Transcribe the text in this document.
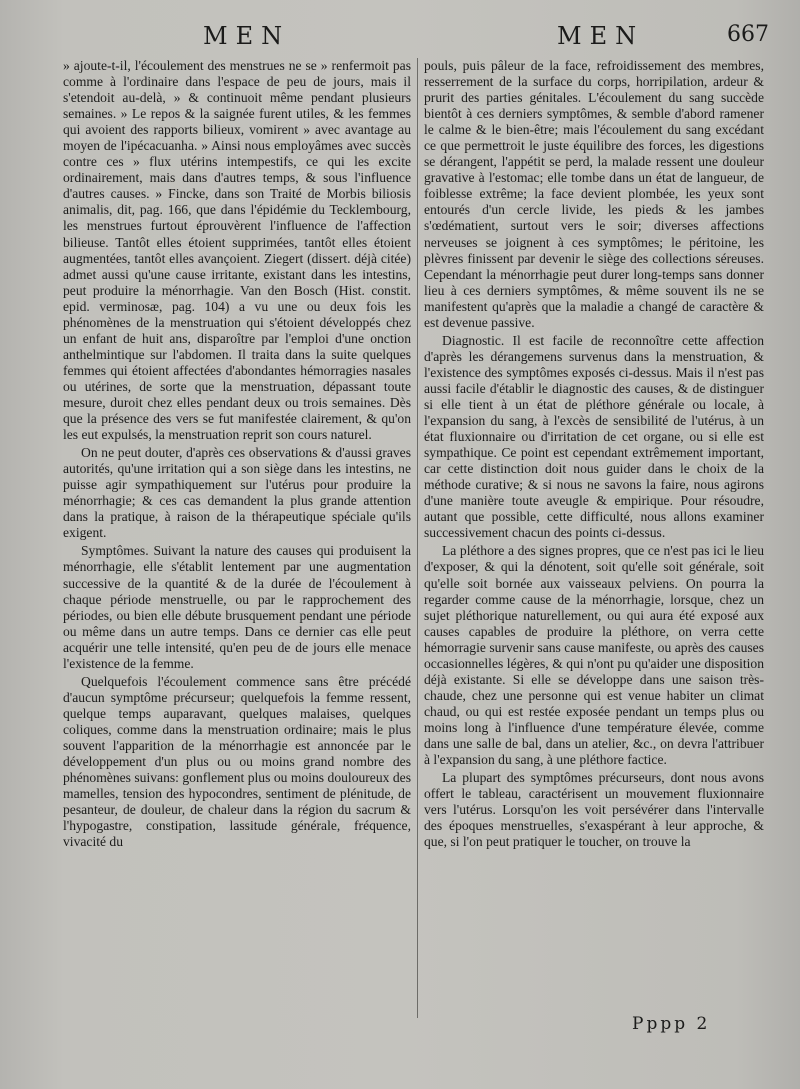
MEN	MEN	667

» ajoute-t-il, l'écoulement des menstrues ne se » renfermoit pas comme à l'ordinaire dans l'espace de peu de jours, mais il s'etendoit au-delà, » & continuoit même pendant plusieurs semaines. » Le repos & la saignée furent utiles, & les femmes qui avoient des rapports bilieux, vomirent » avec avantage au moyen de l'ipécacuanha. » Ainsi nous employâmes avec succès contre ces » flux utérins intempestifs, ce qui les excite ordinairement, mais dans d'autres temps, & sous l'influence d'autres causes. » Fincke, dans son Traité de Morbis biliosis animalis, dit, pag. 166, que dans l'épidémie du Tecklembourg, les menstrues furtout éprouvèrent l'influence de l'affection bilieuse. Tantôt elles étoient supprimées, tantôt elles étoient augmentées, tantôt elles avançoient. Ziegert (dissert. déjà citée) admet aussi qu'une cause irritante, existant dans les intestins, peut produire la ménorrhagie. Van den Bosch (Hist. constit. epid. verminosæ, pag. 104) a vu une ou deux fois les phénomènes de la menstruation qui s'étoient développés chez un enfant de huit ans, disparoître par l'emploi d'une onction anthelmintique sur l'abdomen. Il traita dans la suite quelques femmes qui étoient affectées d'abondantes hémorragies nasales ou utérines, de sorte que la menstruation, dépassant toute mesure, duroit chez elles pendant deux ou trois semaines. Dès que la présence des vers se fut manifestée clairement, & qu'on les eut expulsés, la menstruation reprit son cours naturel.

On ne peut douter, d'après ces observations & d'aussi graves autorités, qu'une irritation qui a son siège dans les intestins, ne puisse agir sympathiquement sur l'utérus pour produire la ménorrhagie; & ces cas demandent la plus grande attention dans la pratique, à raison de la thérapeutique spéciale qu'ils exigent.

Symptômes. Suivant la nature des causes qui produisent la ménorrhagie, elle s'établit lentement par une augmentation successive de la quantité & de la durée de l'écoulement à chaque période menstruelle, ou par le rapprochement des périodes, ou bien elle débute brusquement pendant une période ou même dans un autre temps. Dans ce dernier cas elle peut acquérir une telle intensité, qu'en peu de de jours elle menace l'existence de la femme.

Quelquefois l'écoulement commence sans être précédé d'aucun symptôme précurseur; quelquefois la femme ressent, quelque temps auparavant, quelques malaises, quelques coliques, comme dans la menstruation ordinaire; mais le plus souvent l'apparition de la ménorrhagie est annoncée par le développement d'un plus ou ou moins grand nombre des phénomènes suivans: gonflement plus ou moins douloureux des mamelles, tension des hypocondres, sentiment de plénitude, de pesanteur, de douleur, de chaleur dans la région du sacrum & l'hypogastre, constipation, lassitude générale, fréquence, vivacité du

pouls, puis pâleur de la face, refroidissement des membres, resserrement de la surface du corps, horripilation, ardeur & prurit des parties génitales. L'écoulement du sang succède bientôt à ces derniers symptômes, & semble d'abord ramener le calme & le bien-être; mais l'écoulement du sang excédant ce que permettroit le juste équilibre des forces, les digestions se dérangent, l'appétit se perd, la malade ressent une douleur gravative à l'estomac; elle tombe dans un état de langueur, de foiblesse extrême; la face devient plombée, les yeux sont entourés d'un cercle livide, les pieds & les jambes s'œdématient, surtout vers le soir; diverses affections nerveuses se joignent à ces symptômes; le péritoine, les plèvres finissent par devenir le siège des collections séreuses. Cependant la ménorrhagie peut durer long-temps sans donner lieu à ces derniers symptômes, & même souvent ils ne se manifestent qu'après que la maladie a changé de caractère & est devenue passive.

Diagnostic. Il est facile de reconnoître cette affection d'après les dérangemens survenus dans la menstruation, & l'existence des symptômes exposés ci-dessus. Mais il n'est pas aussi facile d'établir le diagnostic des causes, & de distinguer si elle tient à un état de pléthore générale ou locale, à l'expansion du sang, à l'excès de sensibilité de l'utérus, à un état fluxionnaire ou d'irritation de cet organe, ou si elle est sympathique. Ce point est cependant extrêmement important, car cette distinction doit nous guider dans le choix de la méthode curative; & si nous ne savons la faire, nous agirons d'une manière toute aveugle & empirique. Pour résoudre, autant que possible, cette difficulté, nous allons examiner successivement chacun des points ci-dessus.

La pléthore a des signes propres, que ce n'est pas ici le lieu d'exposer, & qui la dénotent, soit qu'elle soit générale, soit qu'elle soit bornée aux vaisseaux pelviens. On pourra la regarder comme cause de la ménorrhagie, lorsque, chez un sujet pléthorique naturellement, ou qui aura été exposé aux causes capables de produire la pléthore, on verra cette hémorragie survenir sans cause manifeste, ou après des causes occasionnelles légères, & qui n'ont pu qu'aider une disposition déjà existante. Si elle se développe dans une saison très-chaude, chez une personne qui est venue habiter un climat chaud, ou qui est restée exposée pendant un temps plus ou moins long à l'influence d'une température élevée, comme dans une salle de bal, dans un atelier, &c., on devra l'attribuer à l'expansion du sang, à une pléthore factice.

La plupart des symptômes précurseurs, dont nous avons offert le tableau, caractérisent un mouvement fluxionnaire vers l'utérus. Lorsqu'on les voit persévérer dans l'intervalle des époques menstruelles, s'exaspérant à leur approche, & que, si l'on peut pratiquer le toucher, on trouve la

Pppp 2
